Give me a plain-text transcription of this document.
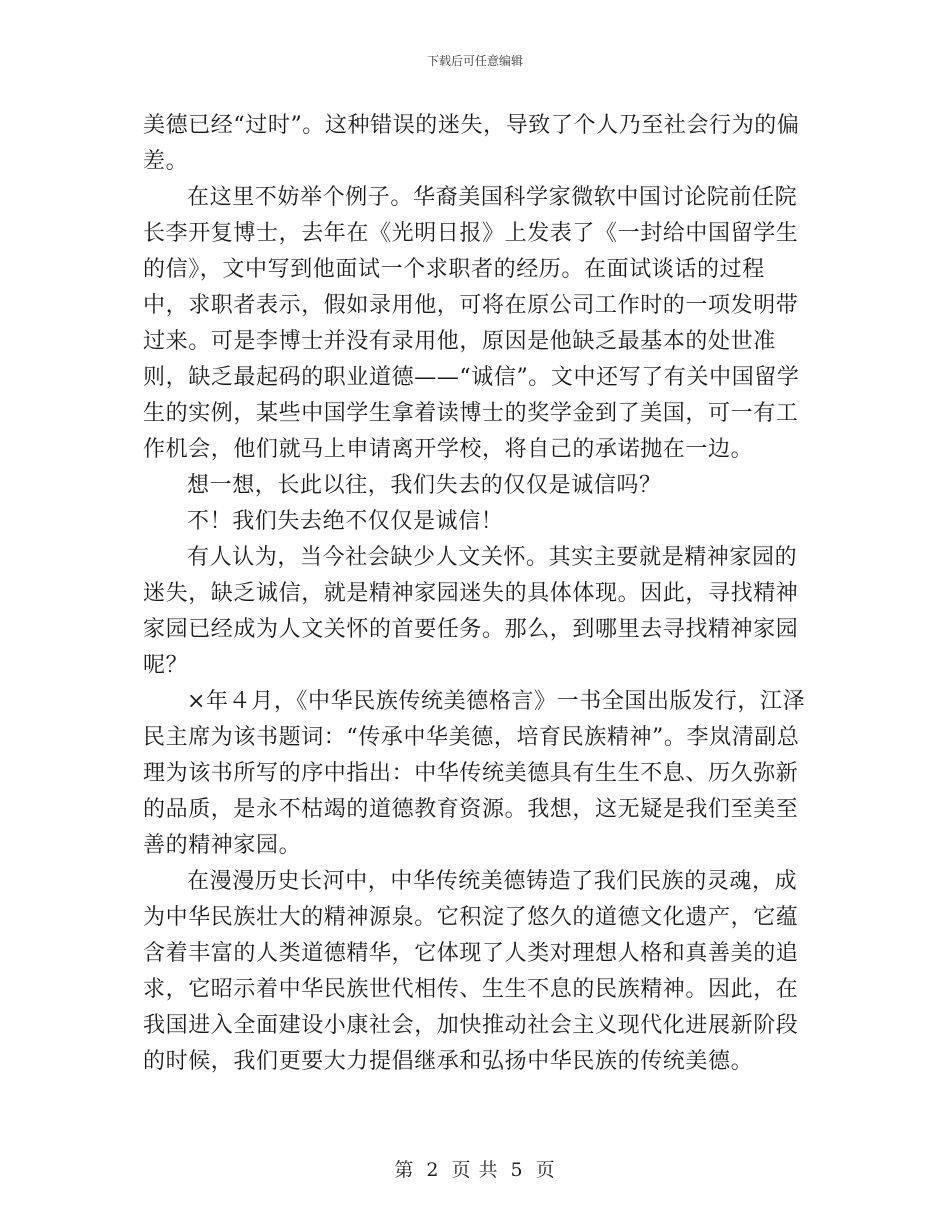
下载后可任意编辑

美德已经“过时”。这种错误的迷失，导致了个人乃至社会行为的偏差。

在这里不妨举个例子。华裔美国科学家微软中国讨论院前任院长李开复博士，去年在《光明日报》上发表了《一封给中国留学生的信》，文中写到他面试一个求职者的经历。在面试谈话的过程中，求职者表示，假如录用他，可将在原公司工作时的一项发明带过来。可是李博士并没有录用他，原因是他缺乏最基本的处世准则，缺乏最起码的职业道德——“诚信”。文中还写了有关中国留学生的实例，某些中国学生拿着读博士的奖学金到了美国，可一有工作机会，他们就马上申请离开学校，将自己的承诺抛在一边。

想一想，长此以往，我们失去的仅仅是诚信吗？

不！我们失去绝不仅仅是诚信！

有人认为，当今社会缺少人文关怀。其实主要就是精神家园的迷失，缺乏诚信，就是精神家园迷失的具体体现。因此，寻找精神家园已经成为人文关怀的首要任务。那么，到哪里去寻找精神家园呢？

×年４月，《中华民族传统美德格言》一书全国出版发行，江泽民主席为该书题词：“传承中华美德，培育民族精神”。李岚清副总理为该书所写的序中指出：中华传统美德具有生生不息、历久弥新的品质，是永不枯竭的道德教育资源。我想，这无疑是我们至美至善的精神家园。

在漫漫历史长河中，中华传统美德铸造了我们民族的灵魂，成为中华民族壮大的精神源泉。它积淀了悠久的道德文化遗产，它蕴含着丰富的人类道德精华，它体现了人类对理想人格和真善美的追求，它昭示着中华民族世代相传、生生不息的民族精神。因此，在我国进入全面建设小康社会，加快推动社会主义现代化进展新阶段的时候，我们更要大力提倡继承和弘扬中华民族的传统美德。

第 2 页 共 5 页
